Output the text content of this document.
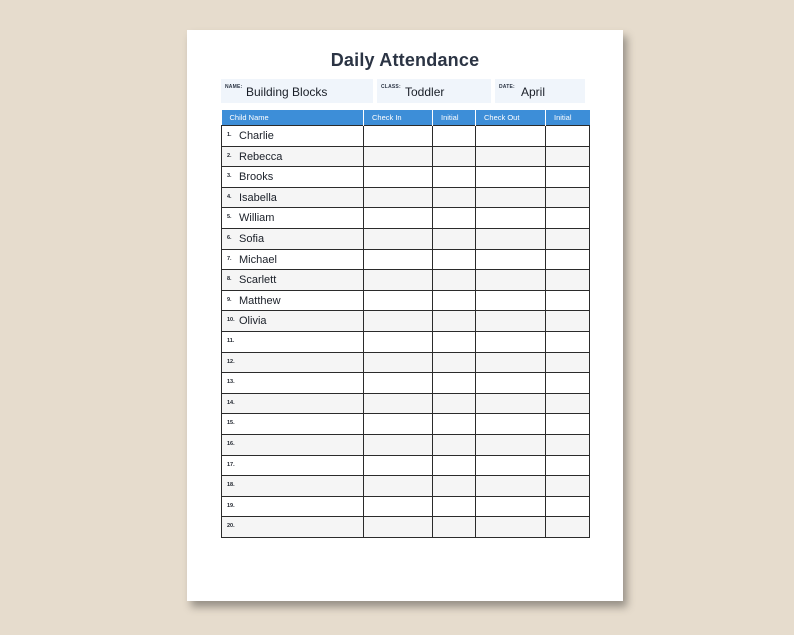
Daily Attendance
NAME: Building Blocks	CLASS: Toddler	DATE: April
Child Name	Check In	Initial	Check Out	Initial

1. Charlie				

2. Rebecca				

3. Brooks				

4. Isabella				

5. William				

6. Sofia				

7. Michael				

8. Scarlett				

9. Matthew				

10. Olivia				

11.				

12.				

13.				

14.				

15.				

16.				

17.				

18.				

19.				

20.				
